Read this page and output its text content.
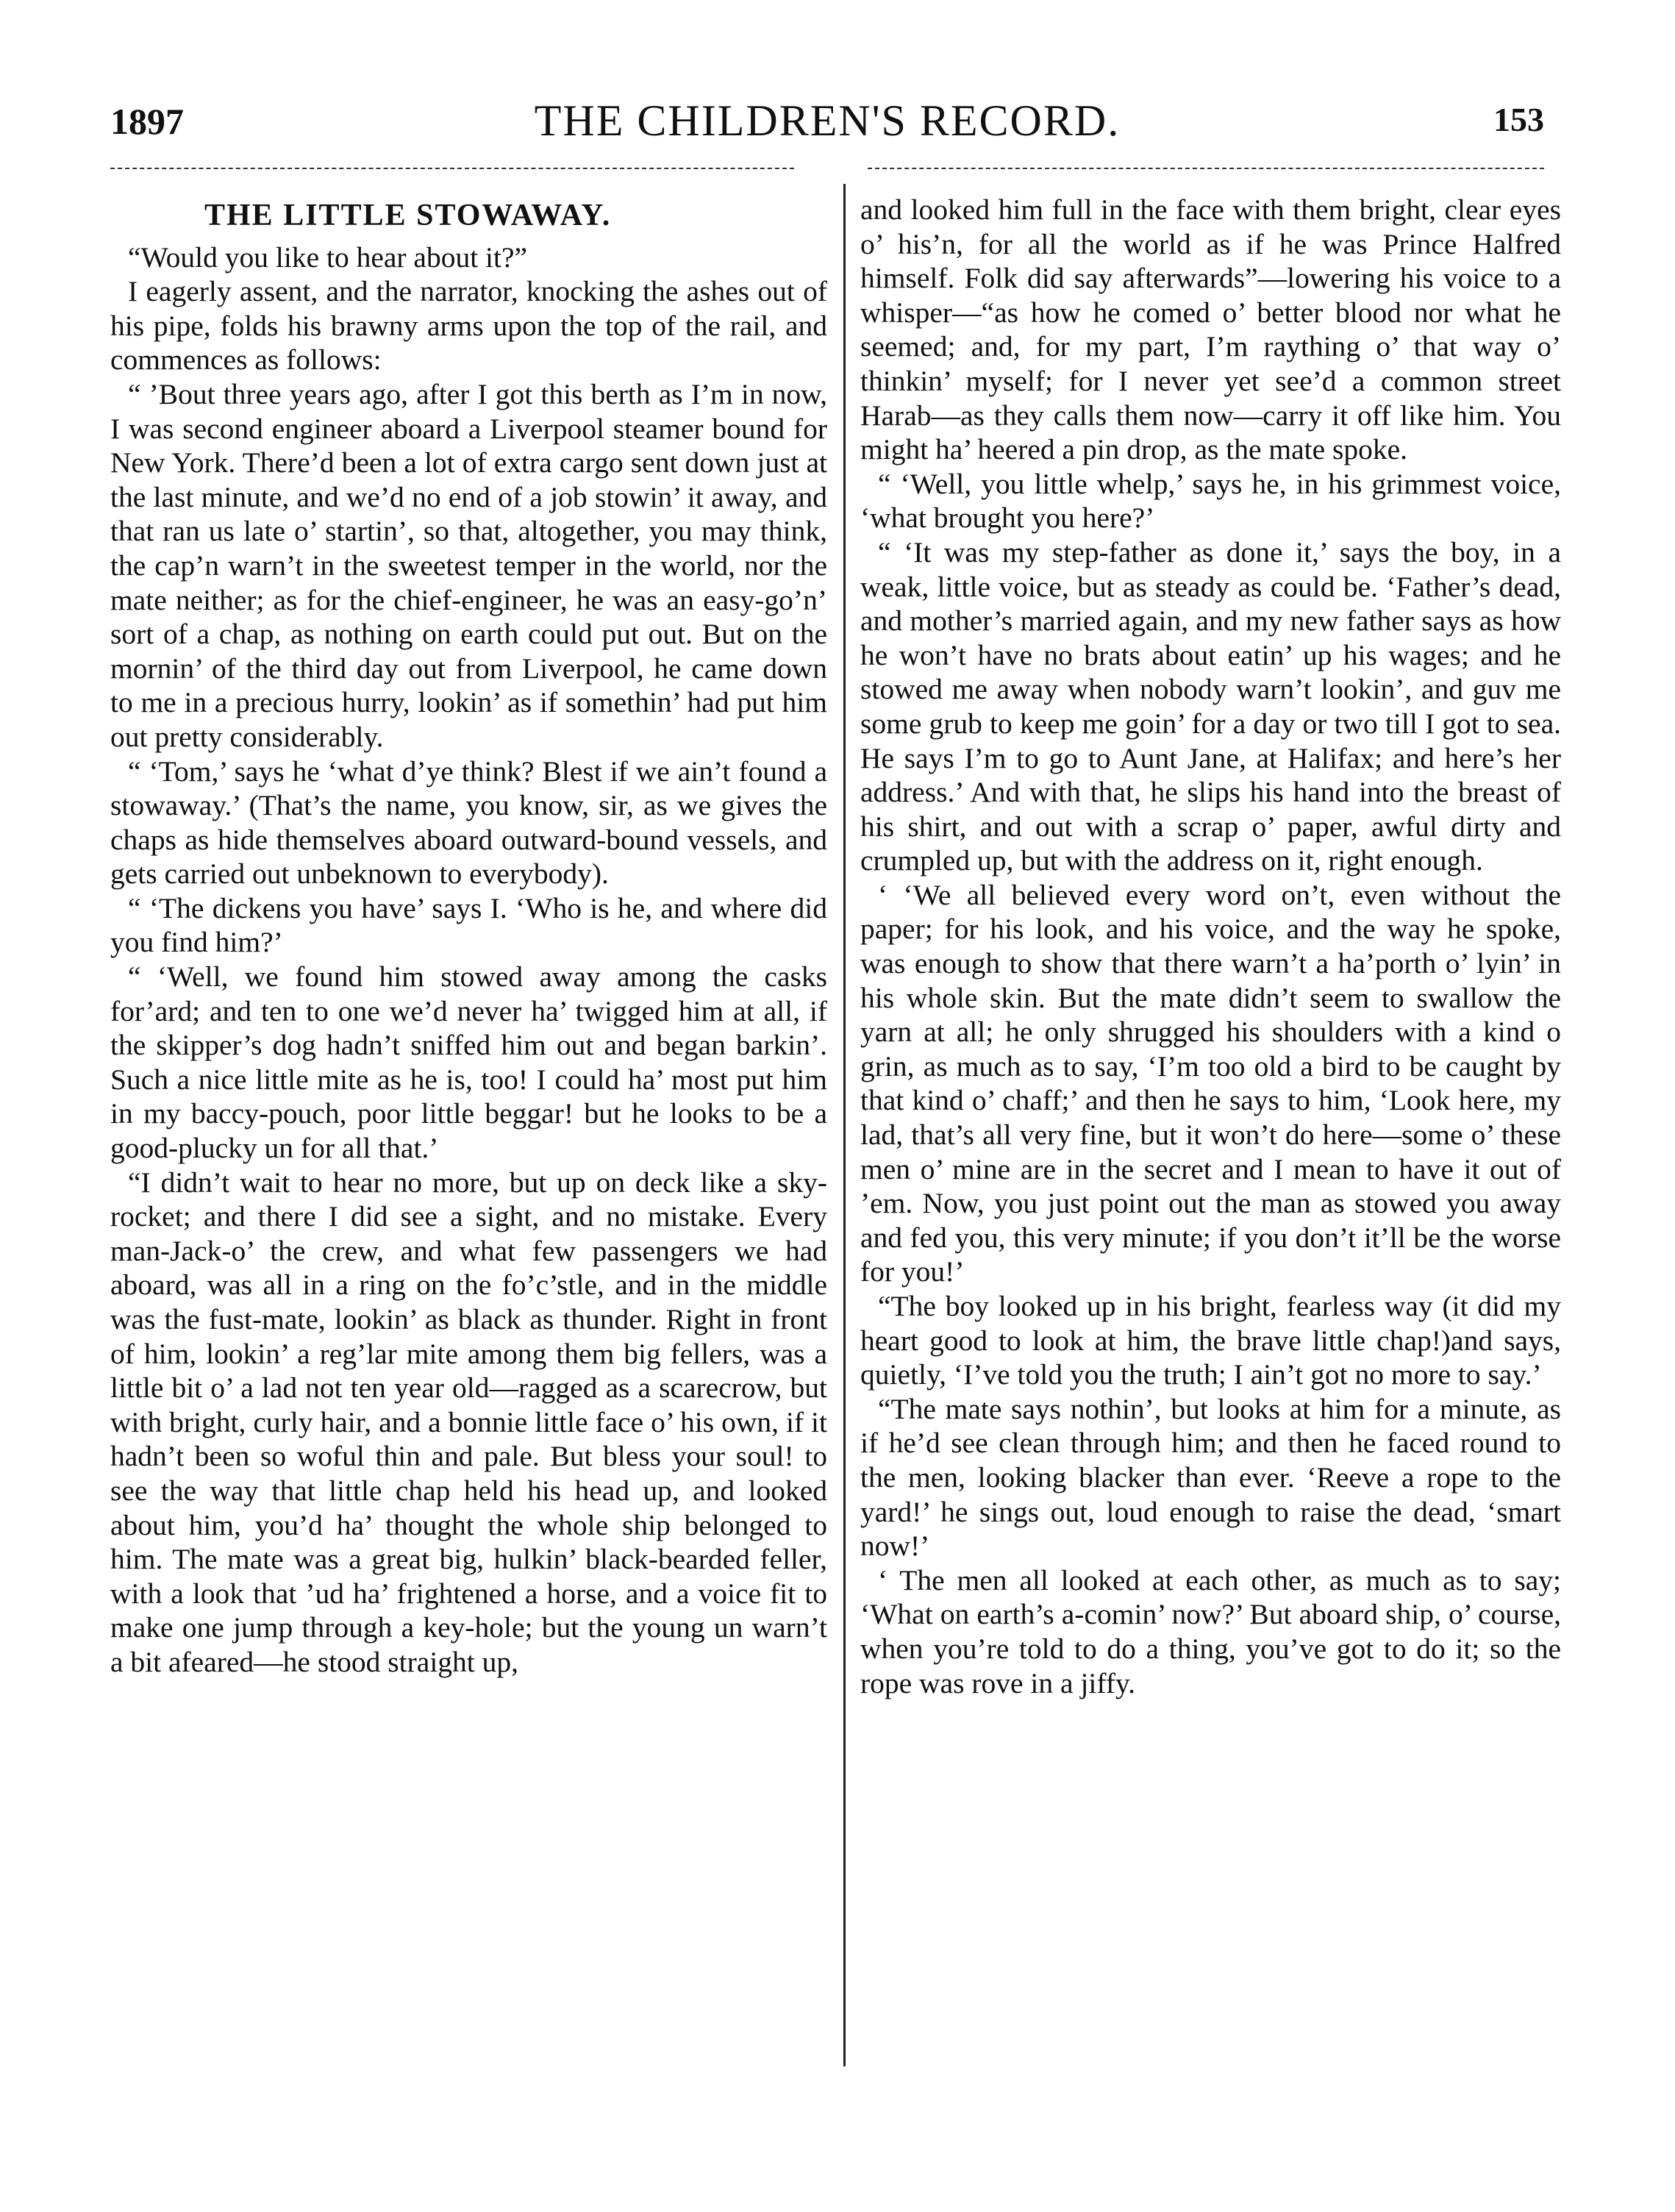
1897	THE CHILDREN'S RECORD.	153
THE LITTLE STOWAWAY.

“Would you like to hear about it?”

I eagerly assent, and the narrator, knocking the ashes out of his pipe, folds his brawny arms upon the top of the rail, and commences as follows:

“ ’Bout three years ago, after I got this berth as I’m in now, I was second engineer aboard a Liverpool steamer bound for New York. There’d been a lot of extra cargo sent down just at the last minute, and we’d no end of a job stowin’ it away, and that ran us late o’ startin’, so that, altogether, you may think, the cap’n warn’t in the sweetest temper in the world, nor the mate neither; as for the chief-engineer, he was an easy-go’n’ sort of a chap, as nothing on earth could put out. But on the mornin’ of the third day out from Liverpool, he came down to me in a precious hurry, lookin’ as if somethin’ had put him out pretty considerably.

“ ‘Tom,’ says he ‘what d’ye think? Blest if we ain’t found a stowaway.’ (That’s the name, you know, sir, as we gives the chaps as hide themselves aboard outward-bound vessels, and gets carried out unbeknown to everybody).

“ ‘The dickens you have’ says I. ‘Who is he, and where did you find him?’

“ ‘Well, we found him stowed away among the casks for’ard; and ten to one we’d never ha’ twigged him at all, if the skipper’s dog hadn’t sniffed him out and began barkin’. Such a nice little mite as he is, too! I could ha’ most put him in my baccy-pouch, poor little beggar! but he looks to be a good-plucky un for all that.’

“I didn’t wait to hear no more, but up on deck like a sky-rocket; and there I did see a sight, and no mistake. Every man-Jack-o’ the crew, and what few passengers we had aboard, was all in a ring on the fo’c’stle, and in the middle was the fust-mate, lookin’ as black as thunder. Right in front of him, lookin’ a reg’lar mite among them big fellers, was a little bit o’ a lad not ten year old—ragged as a scarecrow, but with bright, curly hair, and a bonnie little face o’ his own, if it hadn’t been so woful thin and pale. But bless your soul! to see the way that little chap held his head up, and looked about him, you’d ha’ thought the whole ship belonged to him. The mate was a great big, hulkin’ black-bearded feller, with a look that ’ud ha’ frightened a horse, and a voice fit to make one jump through a key-hole; but the young un warn’t a bit afeared—he stood straight up,

and looked him full in the face with them bright, clear eyes o’ his’n, for all the world as if he was Prince Halfred himself. Folk did say afterwards”—lowering his voice to a whisper—“as how he comed o’ better blood nor what he seemed; and, for my part, I’m raything o’ that way o’ thinkin’ myself; for I never yet see’d a common street Harab—as they calls them now—carry it off like him. You might ha’ heered a pin drop, as the mate spoke.

“ ‘Well, you little whelp,’ says he, in his grimmest voice, ‘what brought you here?’

“ ‘It was my step-father as done it,’ says the boy, in a weak, little voice, but as steady as could be. ‘Father’s dead, and mother’s married again, and my new father says as how he won’t have no brats about eatin’ up his wages; and he stowed me away when nobody warn’t lookin’, and guv me some grub to keep me goin’ for a day or two till I got to sea. He says I’m to go to Aunt Jane, at Halifax; and here’s her address.’ And with that, he slips his hand into the breast of his shirt, and out with a scrap o’ paper, awful dirty and crumpled up, but with the address on it, right enough.

‘ ‘We all believed every word on’t, even without the paper; for his look, and his voice, and the way he spoke, was enough to show that there warn’t a ha’porth o’ lyin’ in his whole skin. But the mate didn’t seem to swallow the yarn at all; he only shrugged his shoulders with a kind o grin, as much as to say, ‘I’m too old a bird to be caught by that kind o’ chaff;’ and then he says to him, ‘Look here, my lad, that’s all very fine, but it won’t do here—some o’ these men o’ mine are in the secret and I mean to have it out of ’em. Now, you just point out the man as stowed you away and fed you, this very minute; if you don’t it’ll be the worse for you!’

“The boy looked up in his bright, fearless way (it did my heart good to look at him, the brave little chap!)and says, quietly, ‘I’ve told you the truth; I ain’t got no more to say.’

“The mate says nothin’, but looks at him for a minute, as if he’d see clean through him; and then he faced round to the men, looking blacker than ever. ‘Reeve a rope to the yard!’ he sings out, loud enough to raise the dead, ‘smart now!’

‘ The men all looked at each other, as much as to say; ‘What on earth’s a-comin’ now?’ But aboard ship, o’ course, when you’re told to do a thing, you’ve got to do it; so the rope was rove in a jiffy.
